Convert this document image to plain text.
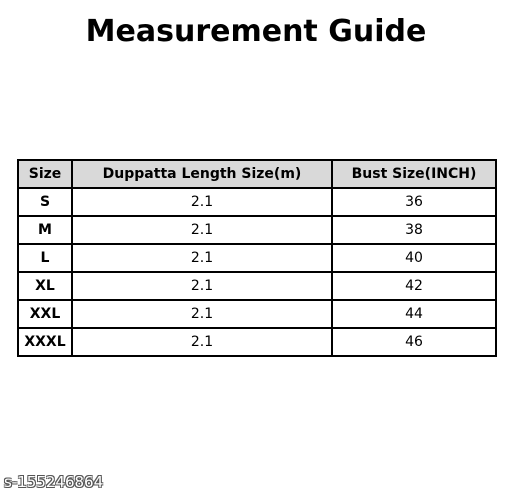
Measurement Guide
Size	Duppatta Length Size(m)	Bust Size(INCH)
S	2.1	36
M	2.1	38
L	2.1	40
XL	2.1	42
XXL	2.1	44
XXXL	2.1	46
s-155246864
